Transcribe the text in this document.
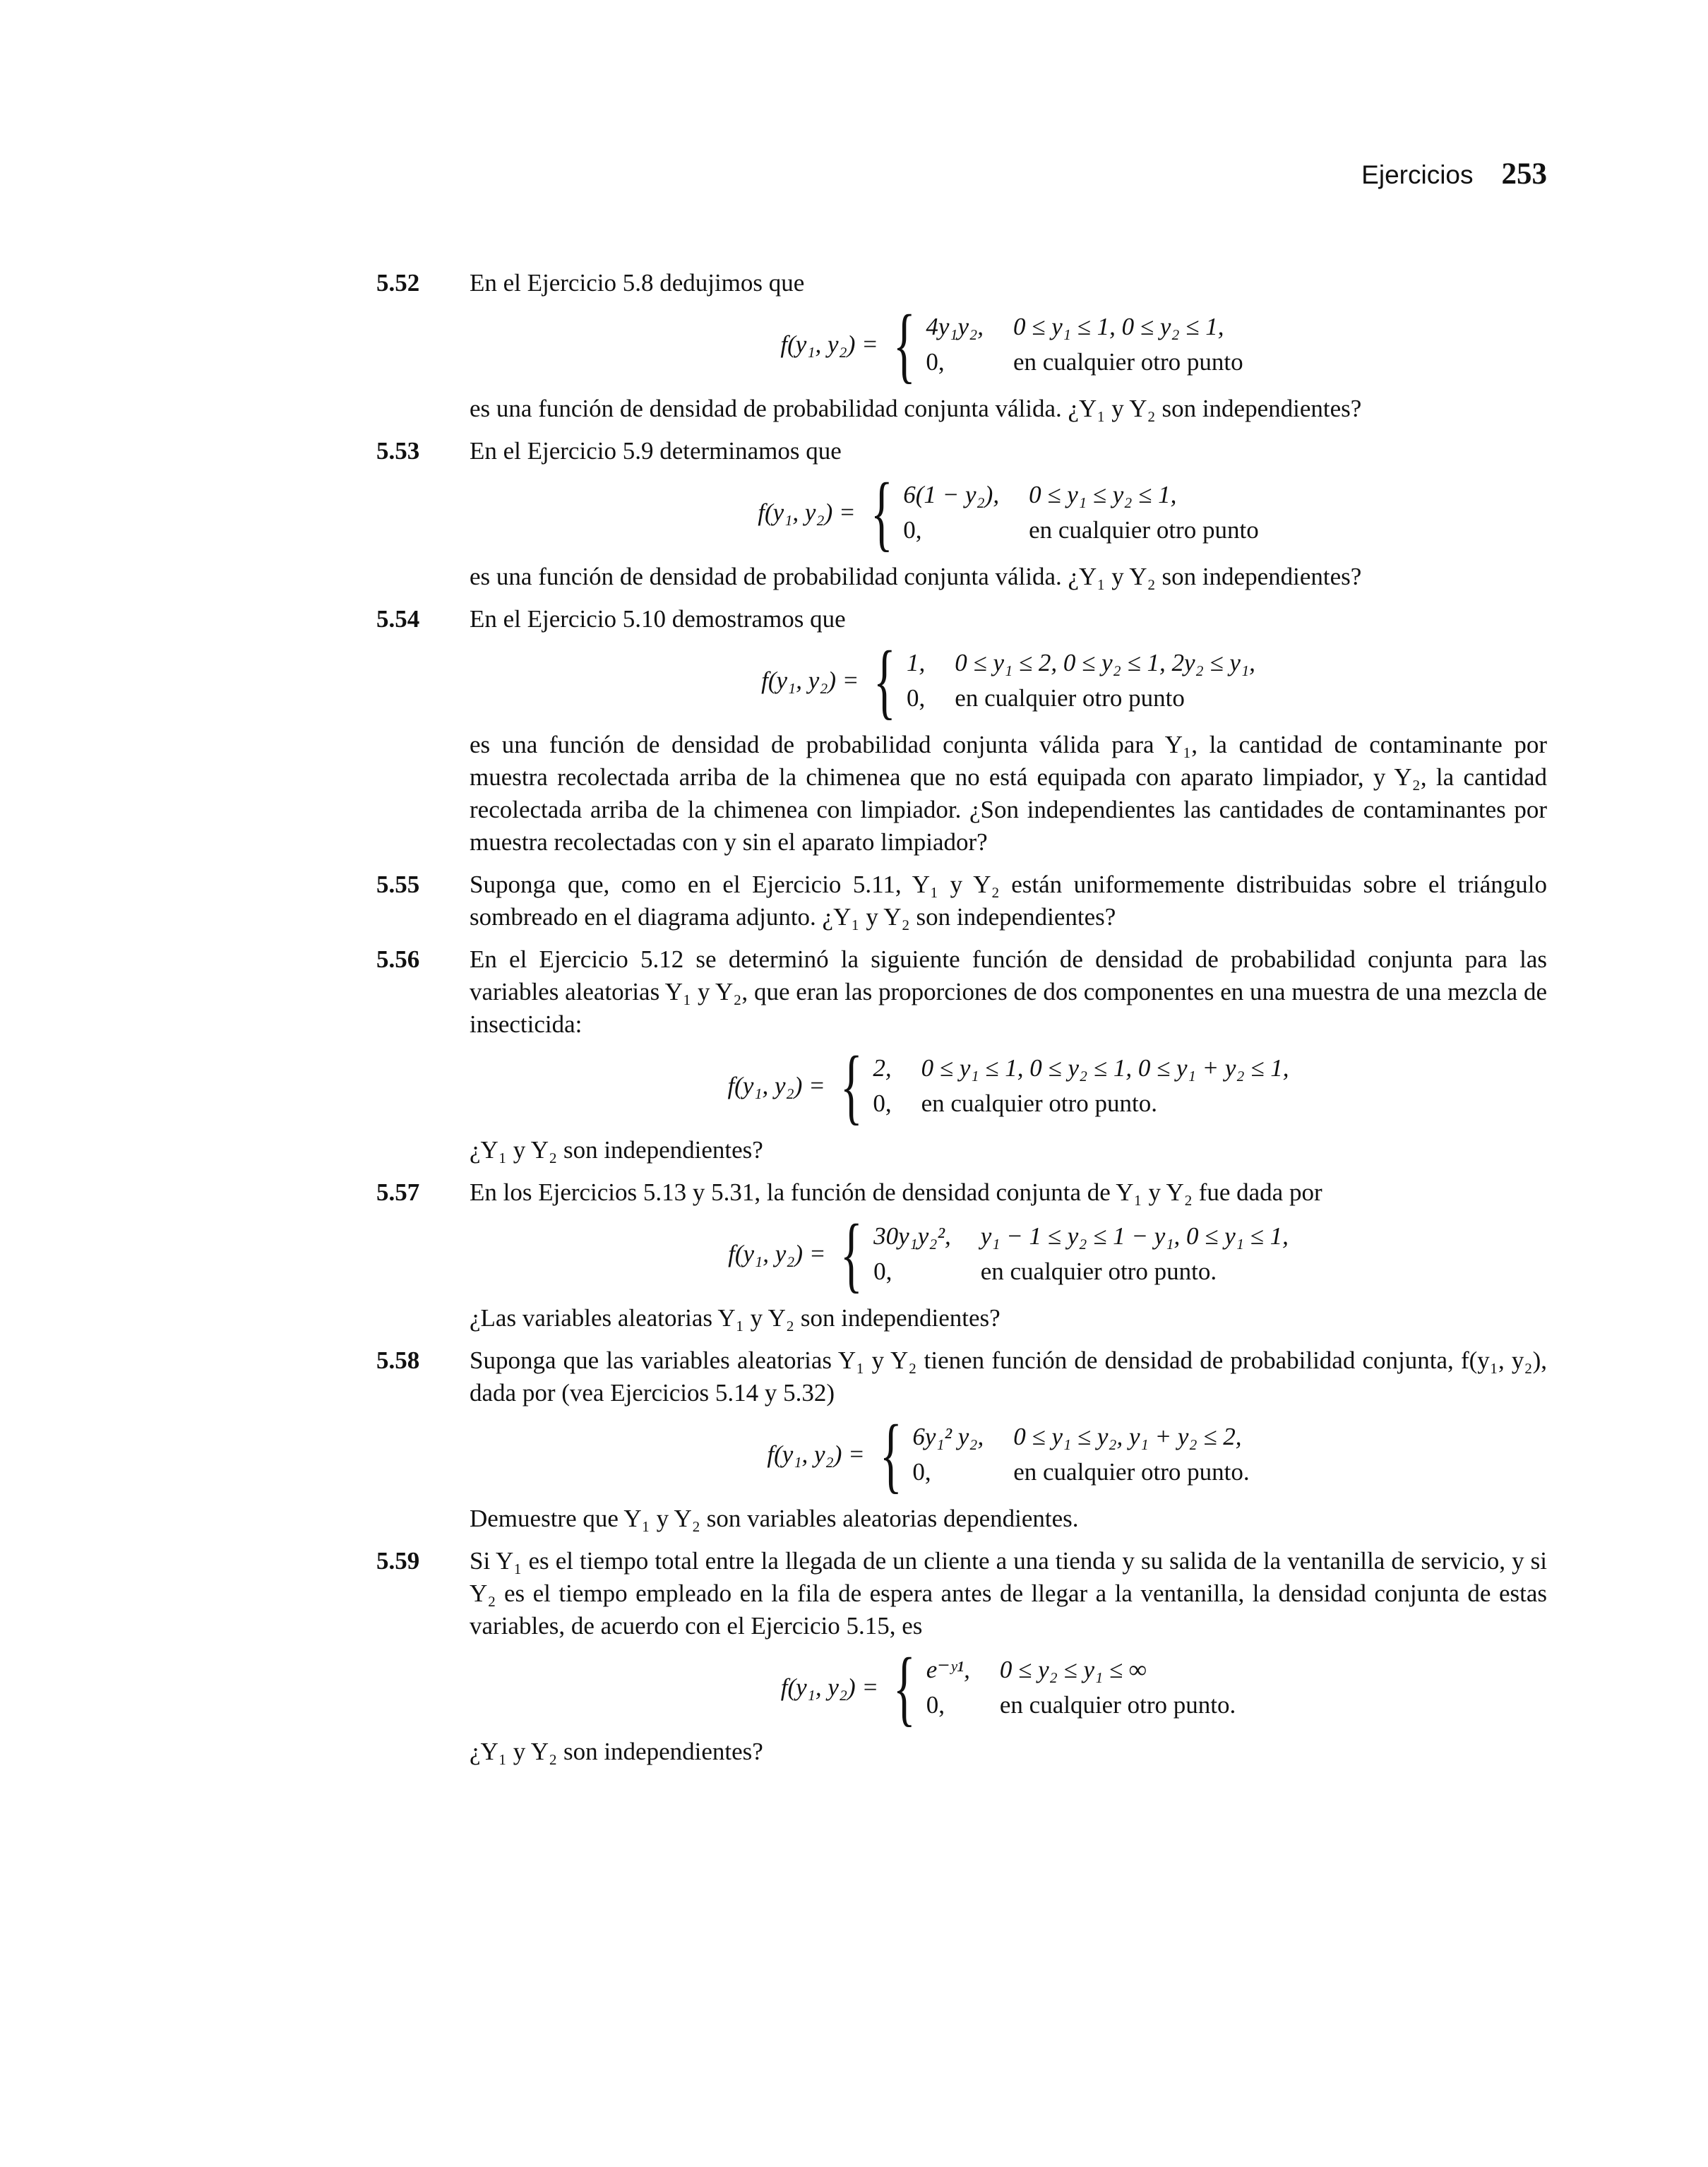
Ejercicios 253
5.52 En el Ejercicio 5.8 dedujimos que

f(y₁, y₂) = { 4y₁y₂, 0 ≤ y₁ ≤ 1, 0 ≤ y₂ ≤ 1,
0,	en cualquier otro punto

es una función de densidad de probabilidad conjunta válida. ¿Y₁ y Y₂ son independientes?

5.53 En el Ejercicio 5.9 determinamos que

f(y₁, y₂) = { 6(1 − y₂), 0 ≤ y₁ ≤ y₂ ≤ 1,
0,	en cualquier otro punto

es una función de densidad de probabilidad conjunta válida. ¿Y₁ y Y₂ son independientes?

5.54 En el Ejercicio 5.10 demostramos que

f(y₁, y₂) = { 1, 0 ≤ y₁ ≤ 2, 0 ≤ y₂ ≤ 1, 2y₂ ≤ y₁,
0, en cualquier otro punto

es una función de densidad de probabilidad conjunta válida para Y₁, la cantidad de contaminante por muestra recolectada arriba de la chimenea que no está equipada con aparato limpiador, y Y₂, la cantidad recolectada arriba de la chimenea con limpiador. ¿Son independientes las cantidades de contaminantes por muestra recolectadas con y sin el aparato limpiador?

5.55 Suponga que, como en el Ejercicio 5.11, Y₁ y Y₂ están uniformemente distribuidas sobre el triángulo sombreado en el diagrama adjunto. ¿Y₁ y Y₂ son independientes?

5.56 En el Ejercicio 5.12 se determinó la siguiente función de densidad de probabilidad conjunta para las variables aleatorias Y₁ y Y₂, que eran las proporciones de dos componentes en una muestra de una mezcla de insecticida:

f(y₁, y₂) = { 2, 0 ≤ y₁ ≤ 1, 0 ≤ y₂ ≤ 1, 0 ≤ y₁ + y₂ ≤ 1,
0, en cualquier otro punto.

¿Y₁ y Y₂ son independientes?

5.57 En los Ejercicios 5.13 y 5.31, la función de densidad conjunta de Y₁ y Y₂ fue dada por

f(y₁, y₂) = { 30y₁y₂², y₁ − 1 ≤ y₂ ≤ 1 − y₁, 0 ≤ y₁ ≤ 1,
0,	en cualquier otro punto.

¿Las variables aleatorias Y₁ y Y₂ son independientes?

5.58 Suponga que las variables aleatorias Y₁ y Y₂ tienen función de densidad de probabilidad conjunta, f(y₁, y₂), dada por (vea Ejercicios 5.14 y 5.32)

f(y₁, y₂) = { 6y₁² y₂, 0 ≤ y₁ ≤ y₂, y₁ + y₂ ≤ 2,
0,	en cualquier otro punto.

Demuestre que Y₁ y Y₂ son variables aleatorias dependientes.

5.59 Si Y₁ es el tiempo total entre la llegada de un cliente a una tienda y su salida de la ventanilla de servicio, y si Y₂ es el tiempo empleado en la fila de espera antes de llegar a la ventanilla, la densidad conjunta de estas variables, de acuerdo con el Ejercicio 5.15, es

f(y₁, y₂) = { e⁻ʸ¹, 0 ≤ y₂ ≤ y₁ ≤ ∞
0,	en cualquier otro punto.

¿Y₁ y Y₂ son independientes?
